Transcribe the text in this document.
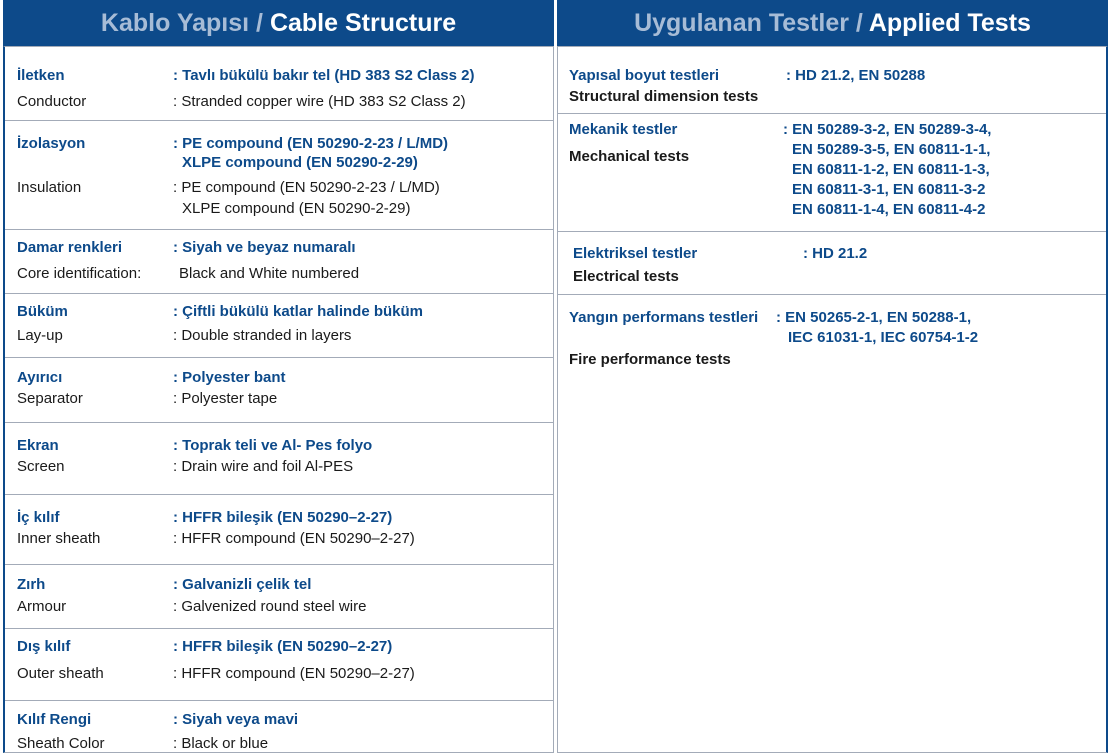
Kablo Yapısı / Cable Structure	Uygulanan Testler / Applied Tests
İletken	: Tavlı bükülü bakır tel (HD 383 S2 Class 2)
Conductor	: Stranded copper wire (HD 383 S2 Class 2)
İzolasyon	: PE compound (EN 50290-2-23 / L/MD)
XLPE compound (EN 50290-2-29)
Insulation	: PE compound (EN 50290-2-23 / L/MD)
XLPE compound (EN 50290-2-29)
Damar renkleri	: Siyah ve beyaz numaralı
Core identification:	Black and White numbered
Büküm	: Çiftli bükülü katlar halinde büküm
Lay-up	: Double stranded in layers
Ayırıcı	: Polyester bant
Separator	: Polyester tape
Ekran	: Toprak teli ve Al- Pes folyo
Screen	: Drain wire and foil Al-PES
İç kılıf	: HFFR bileşik (EN 50290–2-27)
Inner sheath	: HFFR compound (EN 50290–2-27)
Zırh	: Galvanizli çelik tel
Armour	: Galvenized round steel wire
Dış kılıf	: HFFR bileşik (EN 50290–2-27)
Outer sheath	: HFFR compound (EN 50290–2-27)
Kılıf Rengi	: Siyah veya mavi
Sheath Color	: Black or blue
Yapısal boyut testleri	: HD 21.2, EN 50288
Structural dimension tests
Mekanik testler	: EN 50289-3-2, EN 50289-3-4,
EN 50289-3-5, EN 60811-1-1,
EN 60811-1-2, EN 60811-1-3,
EN 60811-3-1, EN 60811-3-2
EN 60811-1-4, EN 60811-4-2
Mechanical tests
Elektriksel testler	: HD 21.2
Electrical tests
Yangın performans testleri : EN 50265-2-1, EN 50288-1,
IEC 61031-1, IEC 60754-1-2
Fire performance tests
